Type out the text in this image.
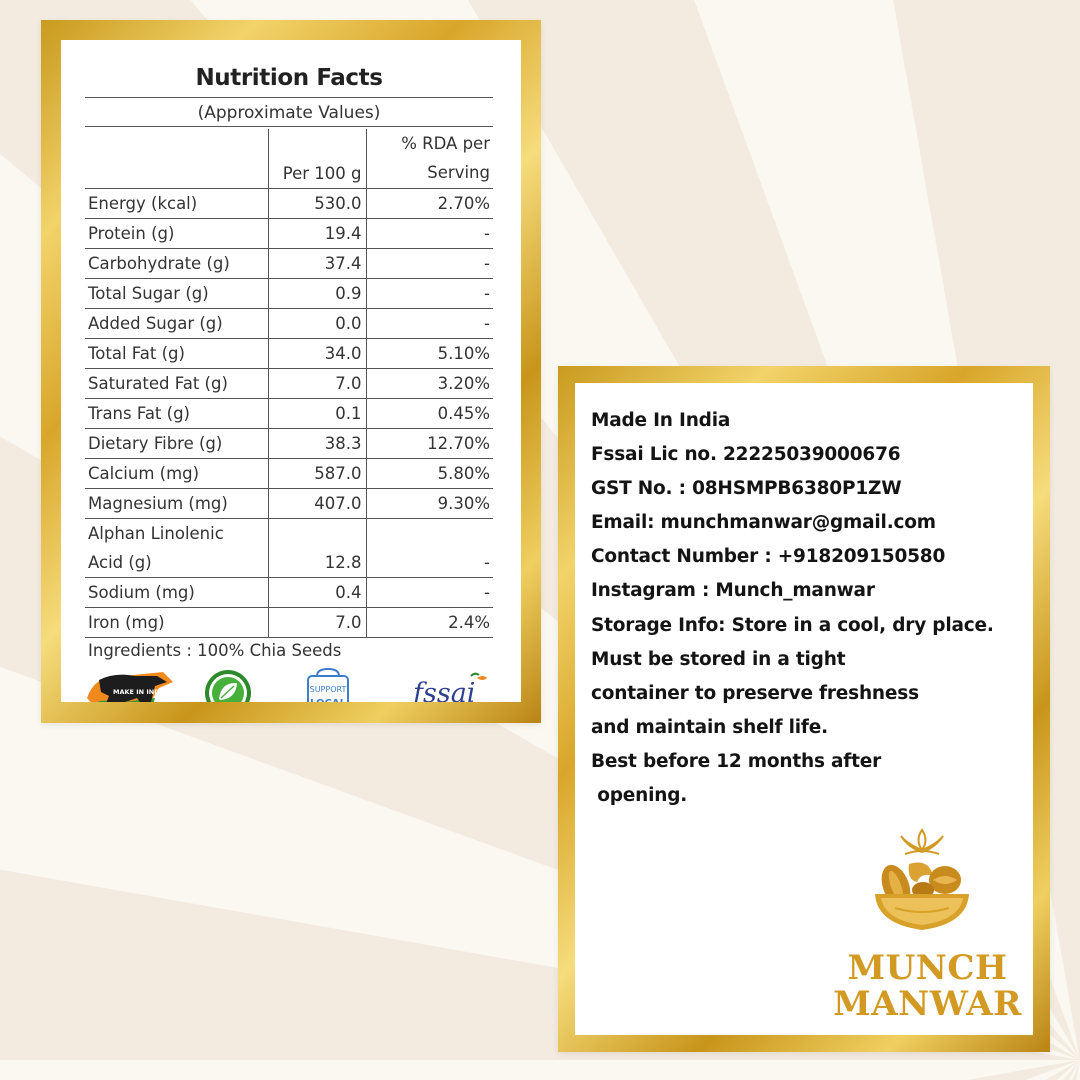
Nutrition Facts
(Approximate Values)
	Per 100 g	% RDA per
Serving

Energy (kcal)	530.0	2.70%
Protein (g)	19.4	-
Carbohydrate (g)	37.4	-
Total Sugar (g)	0.9	-
Added Sugar (g)	0.0	-
Total Fat (g)	34.0	5.10%
Saturated Fat (g)	7.0	3.20%
Trans Fat (g)	0.1	0.45%
Dietary Fibre (g)	38.3	12.70%
Calcium (mg)	587.0	5.80%
Magnesium (mg)	407.0	9.30%

Alphan Linolenic
Acid (g)	12.8	-
Sodium (mg)	0.4	-
Iron (mg)	7.0	2.4%
Ingredients : 100% Chia Seeds
MAKE IN INDIA	SUPPORT
LOCAL fssai
Made In India
Fssai Lic no. 22225039000676
GST No. : 08HSMPB6380P1ZW
Email: munchmanwar@gmail.com
Contact Number : +918209150580
Instagram : Munch_manwar
Storage Info: Store in a cool, dry place.
Must be stored in a tight
container to preserve freshness
and maintain shelf life.
Best before 12 months after
opening.
MUNCH
MANWAR
